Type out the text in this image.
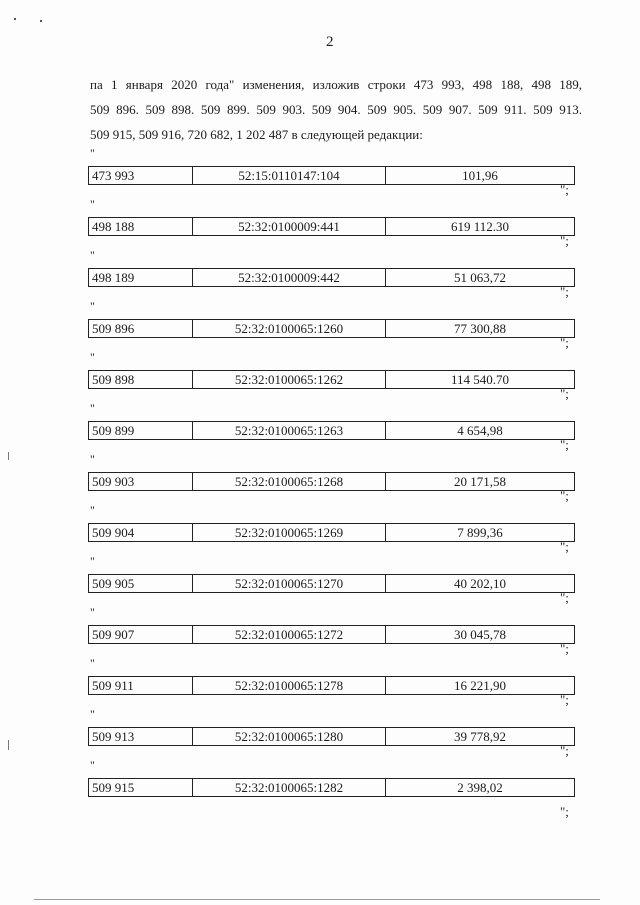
2
па 1 января 2020 года" изменения, изложив строки 473 993, 498 188, 498 189,
509 896. 509 898. 509 899. 509 903. 509 904. 509 905. 509 907. 509 911. 509 913.
509 915, 509 916, 720 682, 1 202 487 в следующей редакции:
"
473 993	52:15:0110147:104	101,96
";
"
498 188	52:32:0100009:441	619 112.30
";
"
498 189	52:32:0100009:442	51 063,72
";
"
509 896	52:32:0100065:1260	77 300,88
";
"
509 898	52:32:0100065:1262	114 540.70
";
"
509 899	52:32:0100065:1263	4 654,98
";
"
509 903	52:32:0100065:1268	20 171,58
";
"
509 904	52:32:0100065:1269	7 899,36
";
"
509 905	52:32:0100065:1270	40 202,10
";
"
509 907	52:32:0100065:1272	30 045,78
";
"
509 911	52:32:0100065:1278	16 221,90
";
"
509 913	52:32:0100065:1280	39 778,92
";
"
509 915	52:32:0100065:1282	2 398,02
";
